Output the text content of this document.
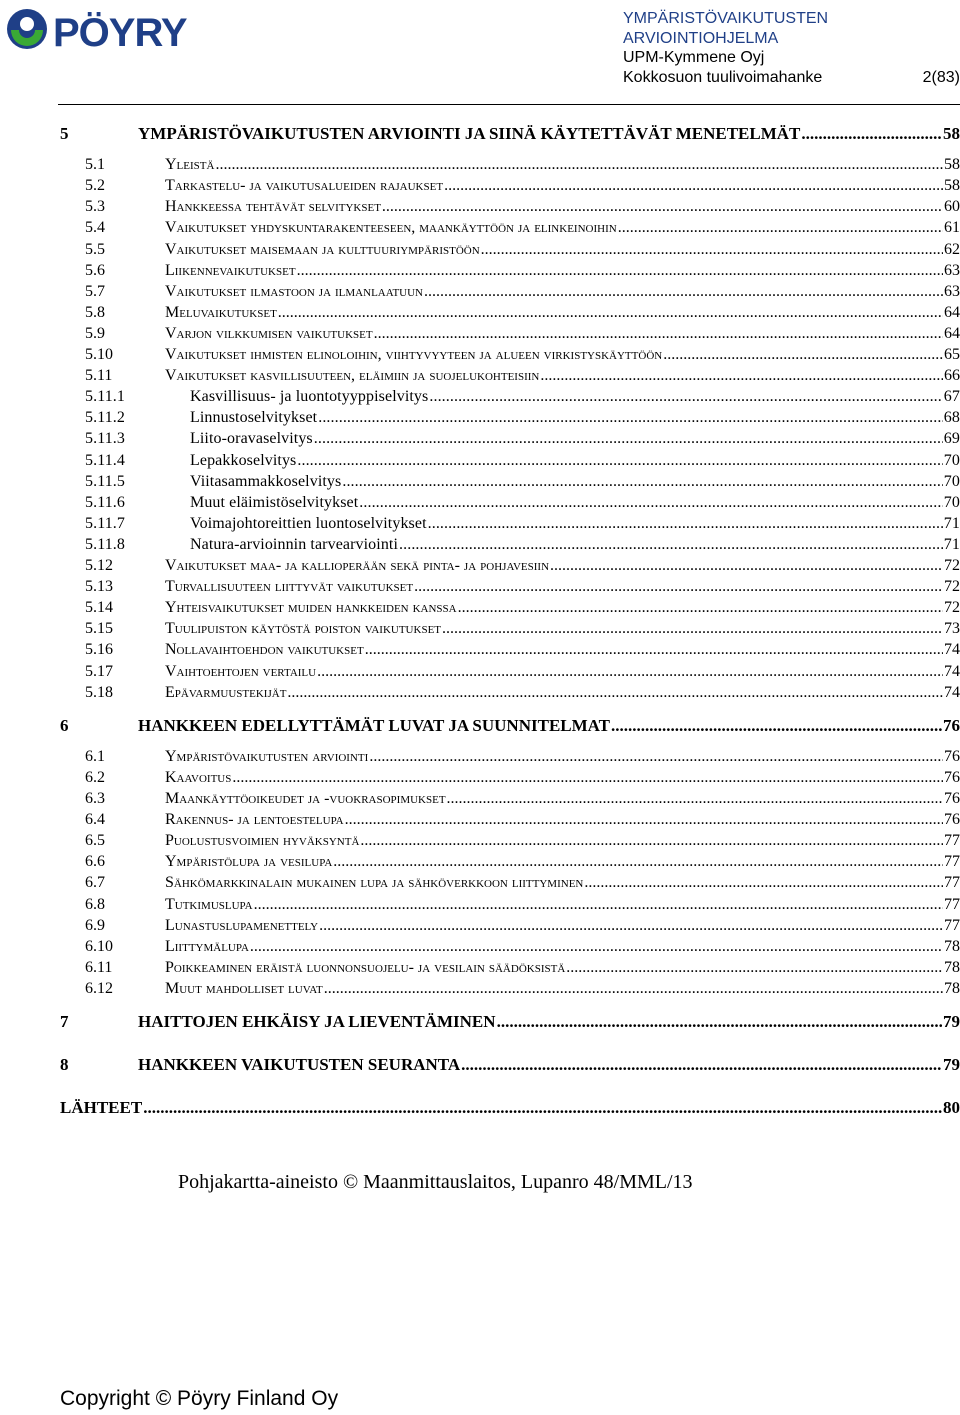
PÖYRY	YMPÄRISTÖVAIKUTUSTEN
ARVIOINTIOHJELMA
UPM-Kymmene Oyj
Kokkosuon tuulivoimahanke	2(83)
5	YMPÄRISTÖVAIKUTUSTEN ARVIOINTI JA SIINÄ KÄYTETTÄVÄT MENETELMÄT .....	58
5.1	Yleistä .....	58
5.2	Tarkastelu- ja vaikutusalueiden rajaukset .....	58
5.3	Hankkeessa tehtävät selvitykset .....	60
5.4	Vaikutukset yhdyskuntarakenteeseen, maankäyttöön ja elinkeinoihin .....	61
5.5	Vaikutukset maisemaan ja kulttuuriympäristöön .....	62
5.6	Liikennevaikutukset .....	63
5.7	Vaikutukset ilmastoon ja ilmanlaatuun .....	63
5.8	Meluvaikutukset .....	64
5.9	Varjon vilkkumisen vaikutukset .....	64
5.10	Vaikutukset ihmisten elinoloihin, viihtyvyyteen ja alueen virkistyskäyttöön .....	65
5.11	Vaikutukset kasvillisuuteen, eläimiin ja suojelukohteisiin .....	66
5.11.1	Kasvillisuus- ja luontotyyppiselvitys .....	67
5.11.2	Linnustoselvitykset .....	68
5.11.3	Liito-oravaselvitys .....	69
5.11.4	Lepakkoselvitys .....	70
5.11.5	Viitasammakkoselvitys .....	70
5.11.6	Muut eläimistöselvitykset .....	70
5.11.7	Voimajohtoreittien luontoselvitykset .....	71
5.11.8	Natura-arvioinnin tarvearviointi .....	71
5.12	Vaikutukset maa- ja kallioperään sekä pinta- ja pohjavesiin .....	72
5.13	Turvallisuuteen liittyvät vaikutukset .....	72
5.14	Yhteisvaikutukset muiden hankkeiden kanssa .....	72
5.15	Tuulipuiston käytöstä poiston vaikutukset .....	73
5.16	Nollavaihtoehdon vaikutukset .....	74
5.17	Vaihtoehtojen vertailu .....	74
5.18	Epävarmuustekijät .....	74
6	HANKKEEN EDELLYTTÄMÄT LUVAT JA SUUNNITELMAT .....	76
6.1	Ympäristövaikutusten arviointi .....	76
6.2	Kaavoitus .....	76
6.3	Maankäyttöoikeudet ja -vuokrasopimukset .....	76
6.4	Rakennus- ja lentoestelupa .....	76
6.5	Puolustusvoimien hyväksyntä .....	77
6.6	Ympäristölupa ja vesilupa .....	77
6.7	Sähkömarkkinalain mukainen lupa ja sähköverkkoon liittyminen .....	77
6.8	Tutkimuslupa .....	77
6.9	Lunastuslupamenettely .....	77
6.10	Liittymälupa .....	78
6.11	Poikkeaminen eräistä luonnonsuojelu- ja vesilain säädöksistä .....	78
6.12	Muut mahdolliset luvat .....	78
7	HAITTOJEN EHKÄISY JA LIEVENTÄMINEN .....	79
8	HANKKEEN VAIKUTUSTEN SEURANTA .....	79
LÄHTEET .....	80
Pohjakartta-aineisto © Maanmittauslaitos, Lupanro 48/MML/13
Copyright © Pöyry Finland Oy
